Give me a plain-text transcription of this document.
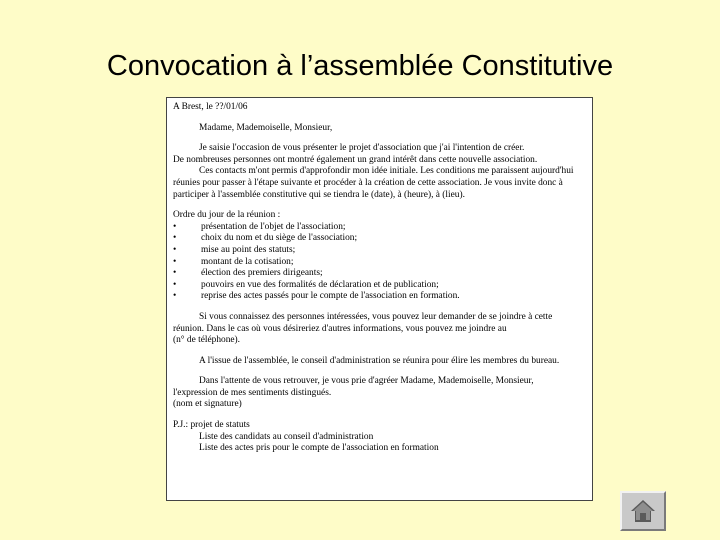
Convocation à l’assemblée Constitutive
A Brest, le ??/01/06
Madame, Mademoiselle, Monsieur,
Je saisie l'occasion de vous présenter le projet d'association que j'ai l'intention de créer.
De nombreuses personnes ont montré également un grand intérêt dans cette nouvelle association.
Ces contacts m'ont permis d'approfondir mon idée initiale. Les conditions me paraissent aujourd'hui
réunies pour passer à l'étape suivante et procéder à la création de cette association. Je vous invite donc à
participer à l'assemblée constitutive qui se tiendra le (date), à (heure), à (lieu).
Ordre du jour de la réunion :
•	présentation de l'objet de l'association;
•	choix du nom et du siège de l'association;
•	mise au point des statuts;
•	montant de la cotisation;
•	élection des premiers dirigeants;
•	pouvoirs en vue des formalités de déclaration et de publication;
•	reprise des actes passés pour le compte de l'association en formation.
Si vous connaissez des personnes intéressées, vous pouvez leur demander de se joindre à cette
réunion. Dans le cas où vous désireriez d'autres informations, vous pouvez me joindre au
(n° de téléphone).
A l'issue de l'assemblée, le conseil d'administration se réunira pour élire les membres du bureau.
Dans l'attente de vous retrouver, je vous prie d'agréer Madame, Mademoiselle, Monsieur,
l'expression de mes sentiments distingués.
(nom et signature)
P.J.: projet de statuts
Liste des candidats au conseil d'administration
Liste des actes pris pour le compte de l'association en formation
